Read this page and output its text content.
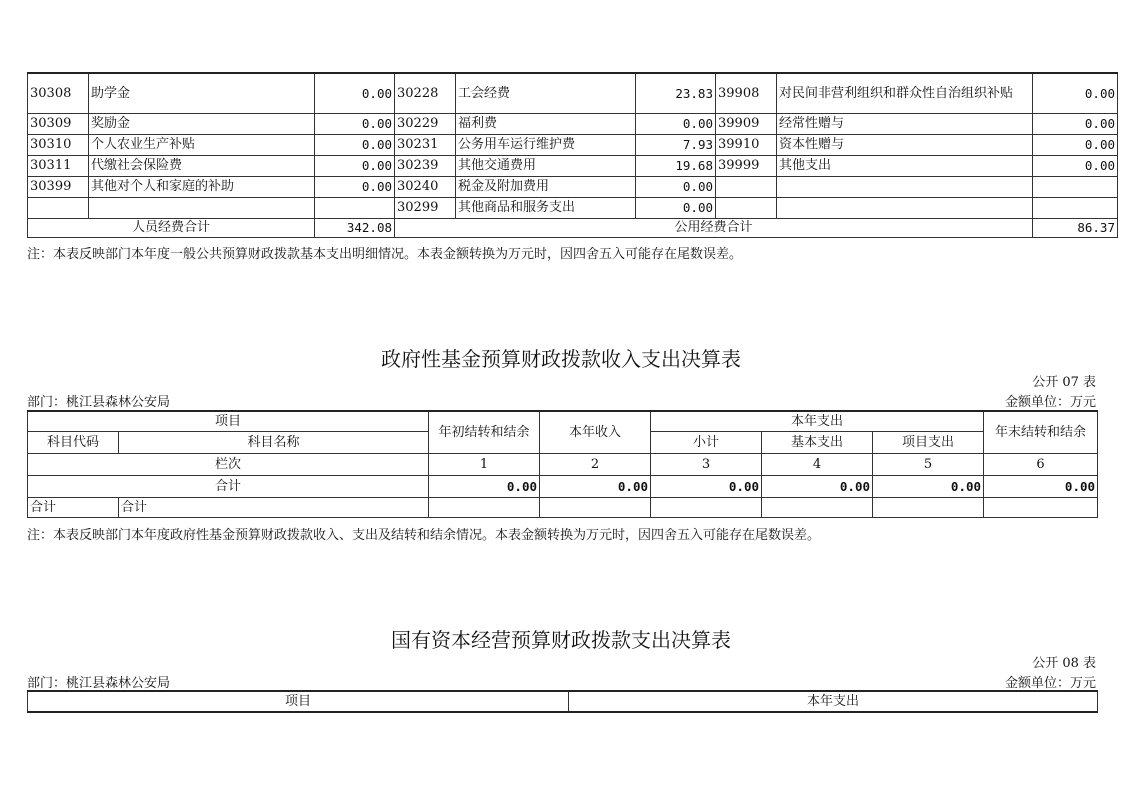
30308	助学金	0.00	30228	工会经费	23.83	39908	对民间非营利组织和群众性自治组织补贴	0.00
30309	奖励金	0.00	30229	福利费	0.00	39909	经常性赠与	0.00
30310	个人农业生产补贴	0.00	30231	公务用车运行维护费	7.93	39910	资本性赠与	0.00
30311	代缴社会保险费	0.00	30239	其他交通费用	19.68	39999	其他支出	0.00
30399	其他对个人和家庭的补助	0.00	30240	税金及附加费用	0.00			
			30299	其他商品和服务支出	0.00			
人员经费合计		342.08	公用经费合计					86.37
注：本表反映部门本年度一般公共预算财政拨款基本支出明细情况。本表金额转换为万元时，因四舍五入可能存在尾数误差。
政府性基金预算财政拨款收入支出决算表
公开 07 表
部门：桃江县森林公安局	金额单位：万元
项目		年初结转和结余	本年收入	本年支出			年末结转和结余
科目代码	科目名称			小计	基本支出	项目支出	
栏次		1	2	3	4	5	6
合计		0.00	0.00	0.00	0.00	0.00	0.00
合计	合计						
注：本表反映部门本年度政府性基金预算财政拨款收入、支出及结转和结余情况。本表金额转换为万元时，因四舍五入可能存在尾数误差。
国有资本经营预算财政拨款支出决算表
公开 08 表
部门：桃江县森林公安局	金额单位：万元
项目	本年支出
